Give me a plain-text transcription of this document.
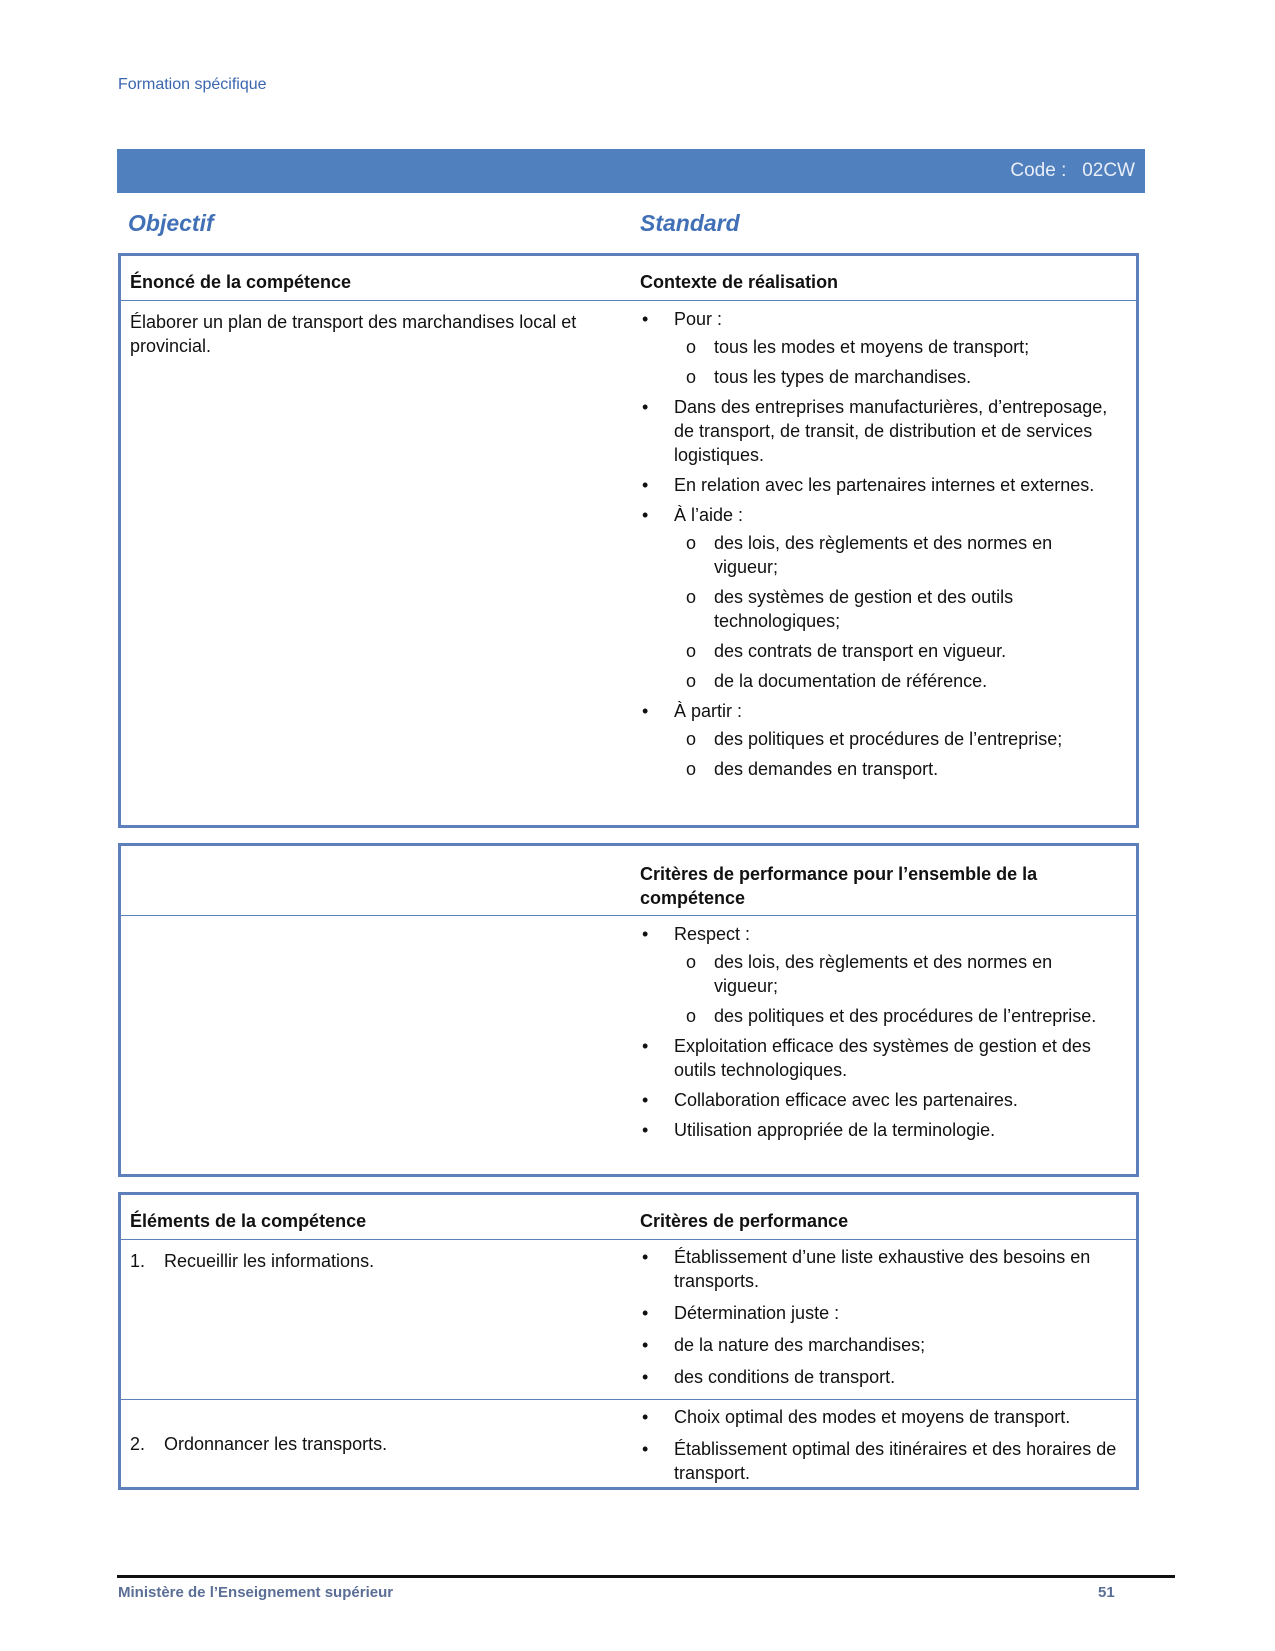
Formation spécifique
Code : 02CW
Objectif	Standard
Énoncé de la compétence	Contexte de réalisation
Élaborer un plan de transport des marchandises local et provincial.
• Pour :
o tous les modes et moyens de transport;
o tous les types de marchandises.
• Dans des entreprises manufacturières, d’entreposage, de transport, de transit, de distribution et de services logistiques.
• En relation avec les partenaires internes et externes.
• À l’aide :
o des lois, des règlements et des normes en vigueur;
o des systèmes de gestion et des outils technologiques;
o des contrats de transport en vigueur.
o de la documentation de référence.
• À partir :
o des politiques et procédures de l’entreprise;
o des demandes en transport.
Critères de performance pour l’ensemble de la compétence
• Respect :
o des lois, des règlements et des normes en vigueur;
o des politiques et des procédures de l’entreprise.
• Exploitation efficace des systèmes de gestion et des outils technologiques.
• Collaboration efficace avec les partenaires.
• Utilisation appropriée de la terminologie.
Éléments de la compétence	Critères de performance
1. Recueillir les informations.
•	Établissement d’une liste exhaustive des besoins en transports.
• Détermination juste :
• de la nature des marchandises;
• des conditions de transport.
2. Ordonnancer les transports.
• Choix optimal des modes et moyens de transport.
• Établissement optimal des itinéraires et des horaires de transport.
Ministère de l’Enseignement supérieur	51
